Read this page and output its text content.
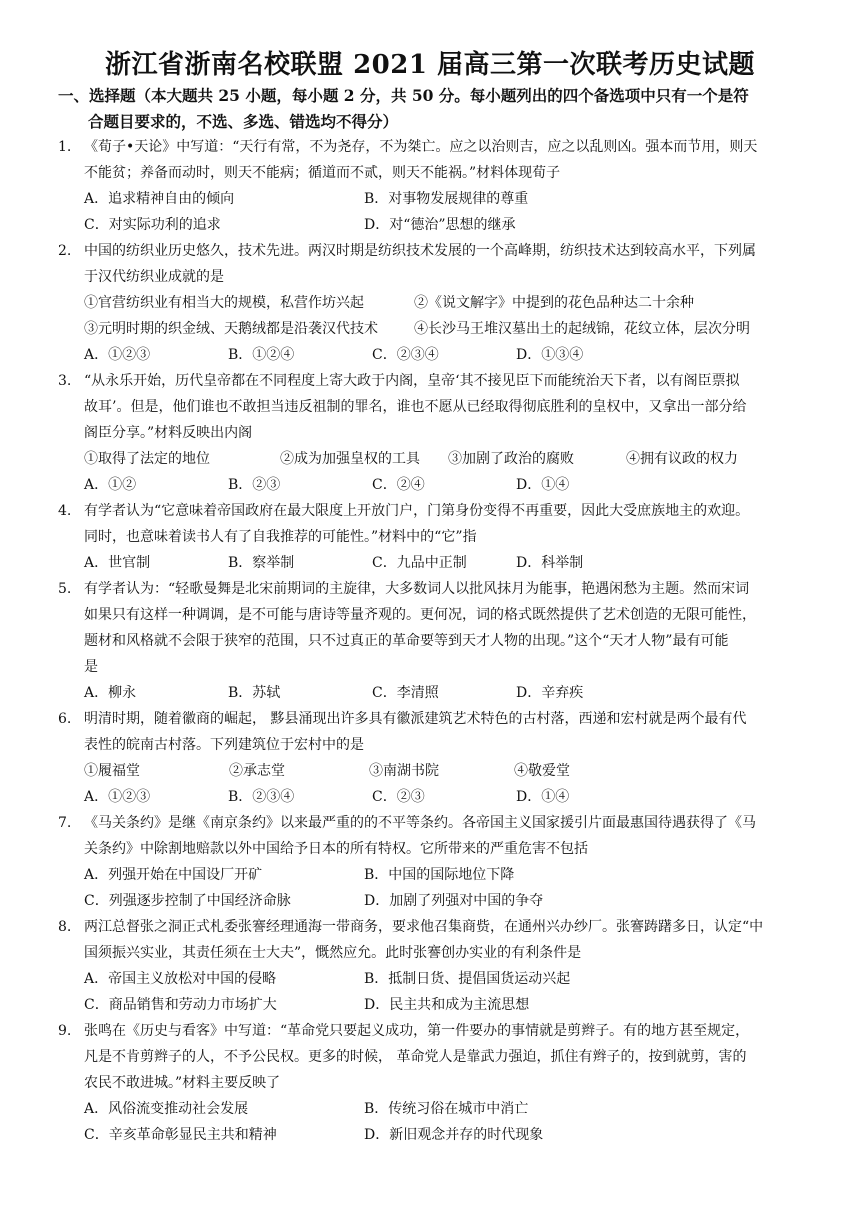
浙江省浙南名校联盟 2021 届高三第一次联考历史试题
一、选择题（本大题共 25 小题，每小题 2 分，共 50 分。每小题列出的四个备选项中只有一个是符
合题目要求的，不选、多选、错选均不得分）
1. 《荀子•天论》中写道：“天行有常，不为尧存，不为桀亡。应之以治则吉，应之以乱则凶。强本而节用，则天
不能贫；养备而动时，则天不能病；循道而不贰，则天不能祸。”材料体现荀子
A．追求精神自由的倾向	B．对事物发展规律的尊重
C．对实际功利的追求	D．对“德治”思想的继承
2. 中国的纺织业历史悠久，技术先进。两汉时期是纺织技术发展的一个高峰期，纺织技术达到较高水平，下列属
于汉代纺织业成就的是
①官营纺织业有相当大的规模，私营作坊兴起	②《说文解字》中提到的花色品种达二十余种
③元明时期的织金绒、天鹅绒都是沿袭汉代技术	④长沙马王堆汉墓出土的起绒锦，花纹立体，层次分明
A．①②③	B．①②④	C．②③④	D．①③④
3. “从永乐开始，历代皇帝都在不同程度上寄大政于内阁，皇帝‘其不接见臣下而能统治天下者，以有阁臣票拟
故耳’。但是，他们谁也不敢担当违反祖制的罪名，谁也不愿从已经取得彻底胜利的皇权中，又拿出一部分给
阁臣分享。”材料反映出内阁
①取得了法定的地位	②成为加强皇权的工具 ③加剧了政治的腐败	④拥有议政的权力
A．①②	B．②③	C．②④	D．①④
4. 有学者认为“它意味着帝国政府在最大限度上开放门户，门第身份变得不再重要，因此大受庶族地主的欢迎。
同时，也意味着读书人有了自我推荐的可能性。”材料中的“它”指
A．世官制	B．察举制	C．九品中正制	D．科举制
5. 有学者认为：“轻歌曼舞是北宋前期词的主旋律，大多数词人以批风抹月为能事，艳遇闲愁为主题。然而宋词
如果只有这样一种调调，是不可能与唐诗等量齐观的。更何况，词的格式既然提供了艺术创造的无限可能性，
题材和风格就不会限于狭窄的范围，只不过真正的革命要等到天才人物的出现。”这个“天才人物”最有可能
是
A．柳永	B．苏轼	C．李清照	D．辛弃疾
6. 明清时期，随着徽商的崛起， 黟县涌现出许多具有徽派建筑艺术特色的古村落，西递和宏村就是两个最有代
表性的皖南古村落。下列建筑位于宏村中的是
①履福堂	②承志堂	③南湖书院	④敬爱堂
A．①②③	B．②③④	C．②③	D．①④
7. 《马关条约》是继《南京条约》以来最严重的的不平等条约。各帝国主义国家援引片面最惠国待遇获得了《马
关条约》中除割地赔款以外中国给予日本的所有特权。它所带来的严重危害不包括
A．列强开始在中国设厂开矿	B．中国的国际地位下降
C．列强逐步控制了中国经济命脉	D．加剧了列强对中国的争夺
8. 两江总督张之洞正式札委张謇经理通海一带商务，要求他召集商赀，在通州兴办纱厂。张謇踌躇多日，认定“中
国须振兴实业，其责任须在士大夫”，慨然应允。此时张謇创办实业的有利条件是
A．帝国主义放松对中国的侵略	B．抵制日货、提倡国货运动兴起
C．商品销售和劳动力市场扩大	D．民主共和成为主流思想
9. 张鸣在《历史与看客》中写道：“革命党只要起义成功，第一件要办的事情就是剪辫子。有的地方甚至规定，
凡是不肯剪辫子的人，不予公民权。更多的时候， 革命党人是靠武力强迫，抓住有辫子的，按到就剪，害的
农民不敢进城。”材料主要反映了
A．风俗流变推动社会发展	B．传统习俗在城市中消亡
C．辛亥革命彰显民主共和精神	D．新旧观念并存的时代现象
